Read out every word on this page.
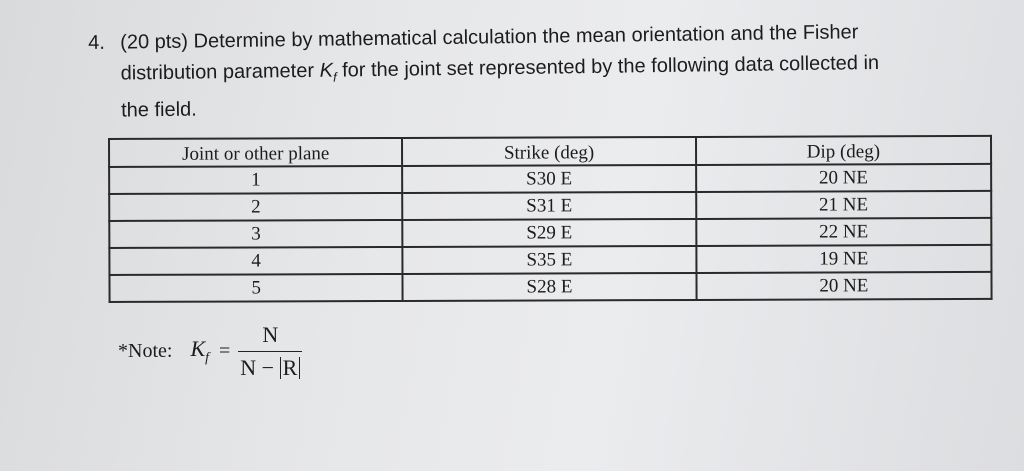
4. (20 pts) Determine by mathematical calculation the mean orientation and the Fisher

distribution parameter $K_f$ for the joint set represented by the following data collected in

the field.

Joint or other plane	Strike (deg)	Dip (deg)
1	S30 E	20 NE
2	S31 E	21 NE
3	S29 E	22 NE
4	S35 E	19 NE
5	S28 E	20 NE
*Note: $K_f = N$
N −
R
